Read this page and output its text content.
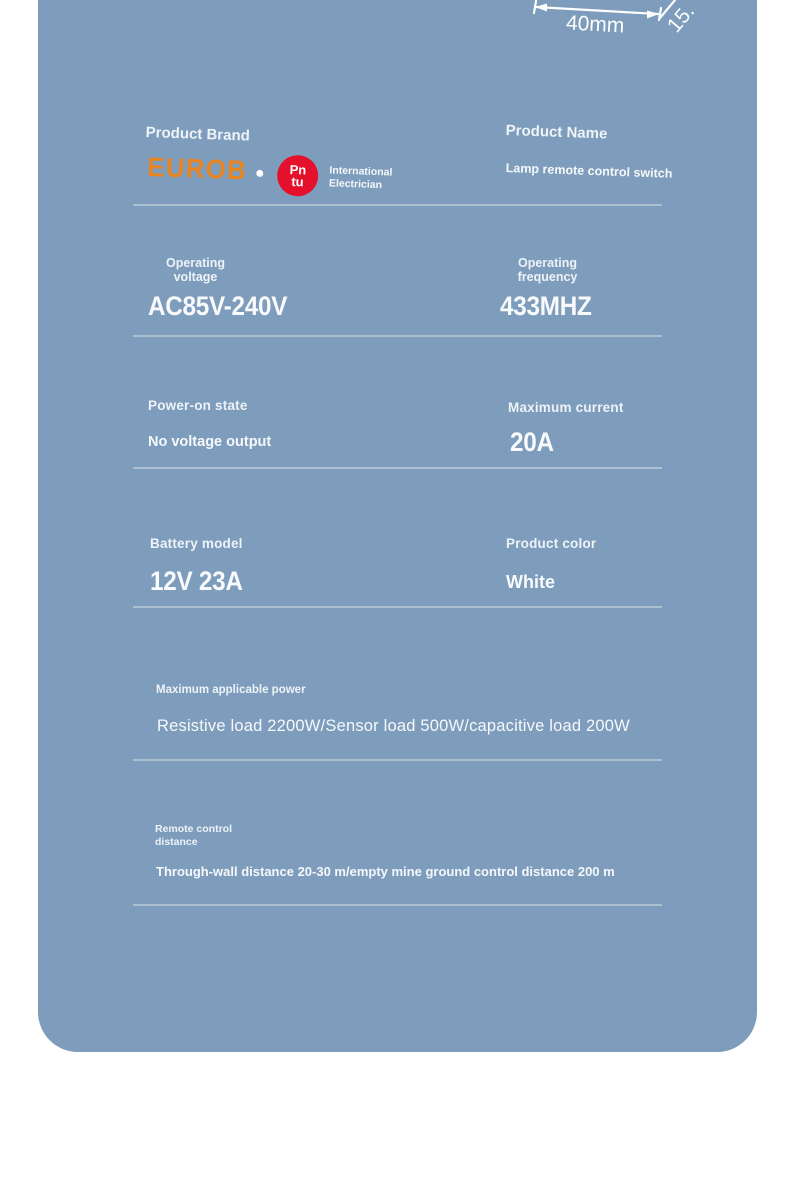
40mm 15.
Product Brand
EUROB	Pn
tu
International
Electrician
Product Name
Lamp remote control switch
Operating
voltage
AC85V-240V
Operating
frequency
433MHZ
Power-on state
No voltage output
Maximum current
20A
Battery model
12V 23A
Product color
White
Maximum applicable power
Resistive load 2200W/Sensor load 500W/capacitive load 200W
Remote control
distance
Through-wall distance 20-30 m/empty mine ground control distance 200 m
